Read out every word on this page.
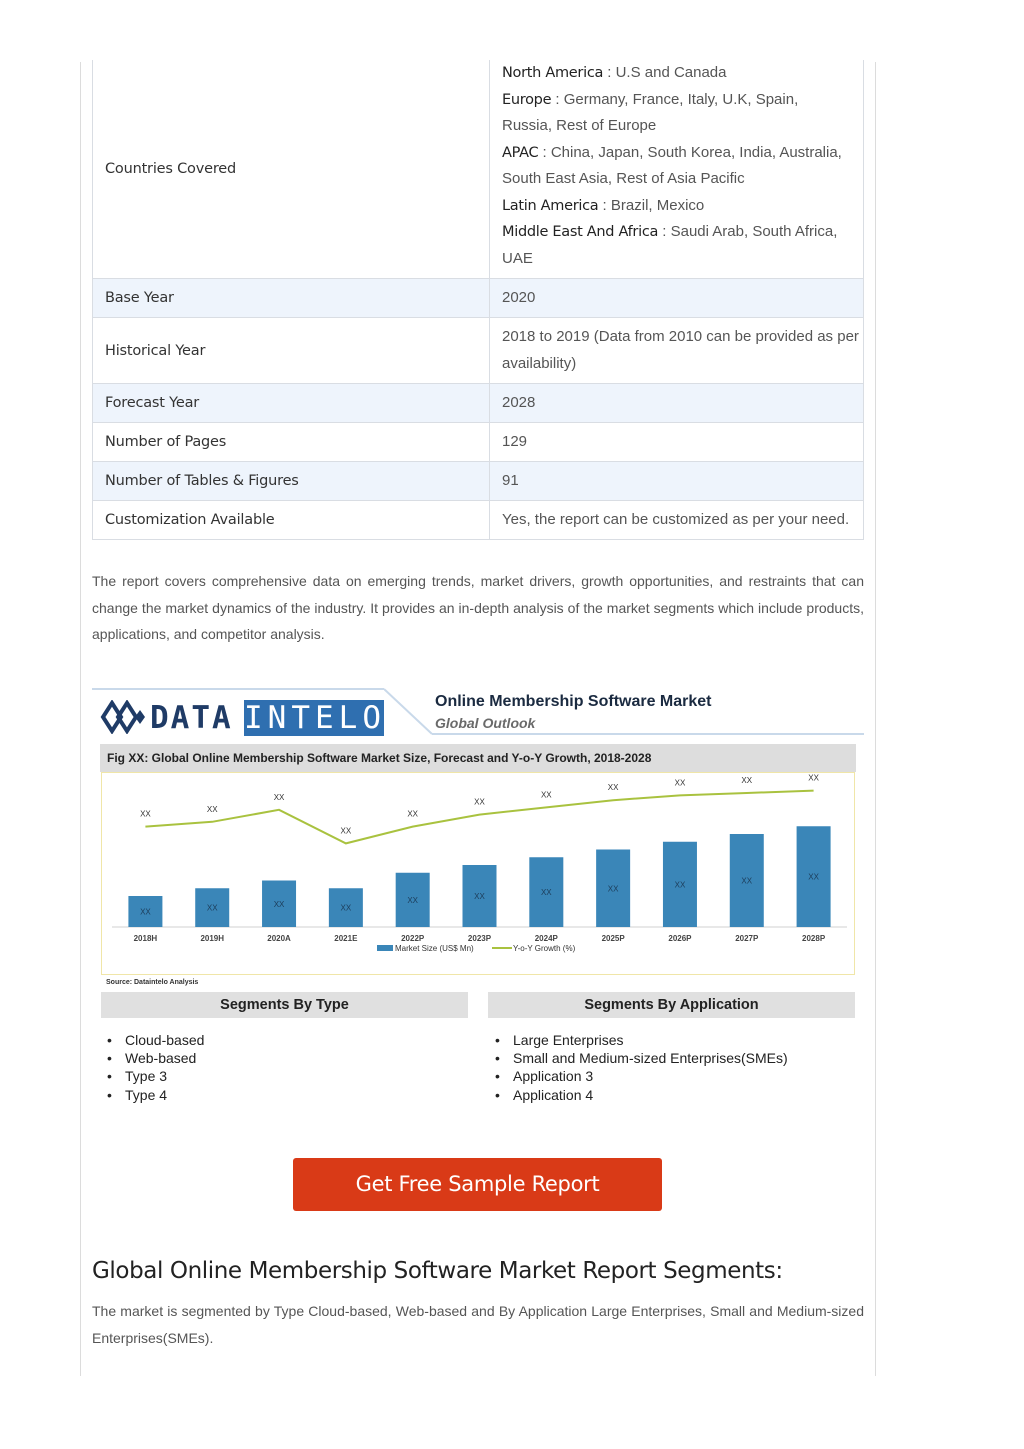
Countries Covered	North America : U.S and Canada
Europe : Germany, France, Italy, U.K, Spain, Russia, Rest of Europe
APAC : China, Japan, South Korea, India, Australia, South East Asia, Rest of Asia Pacific
Latin America : Brazil, Mexico
Middle East And Africa : Saudi Arab, South Africa, UAE

Base Year	2020
Historical Year	2018 to 2019 (Data from 2010 can be provided as per availability)
Forecast Year	2028
Number of Pages	129
Number of Tables & Figures	91
Customization Available	Yes, the report can be customized as per your need.

The report covers comprehensive data on emerging trends, market drivers, growth opportunities, and restraints that can change the market dynamics of the industry. It provides an in-depth analysis of the market segments which include products, applications, and competitor analysis.

DATA INTELO	Online Membership Software Market
Global Outlook
Fig XX: Global Online Membership Software Market Size, Forecast and Y-o-Y Growth, 2018-2028
XX
2018H
XX
XX
2019H
XX
XX
2020A
XX
XX
2021E
XX
XX
2022P
XX
XX
2023P
XX
XX
2024P
XX
XX
2025P
XX
XX
2026P
XX
XX
2027P
XX
XX
2028P
XX
Market Size (US$ Mn)	Y-o-Y Growth (%)
Source: Dataintelo Analysis
Segments By Type	Segments By Application
• Cloud-based
• Web-based
• Type 3
• Type 4
• Large Enterprises
• Small and Medium-sized Enterprises(SMEs)
• Application 3
• Application 4
Get Free Sample Report
Global Online Membership Software Market Report Segments:

The market is segmented by Type Cloud-based, Web-based and By Application Large Enterprises, Small and Medium-sized Enterprises(SMEs).
